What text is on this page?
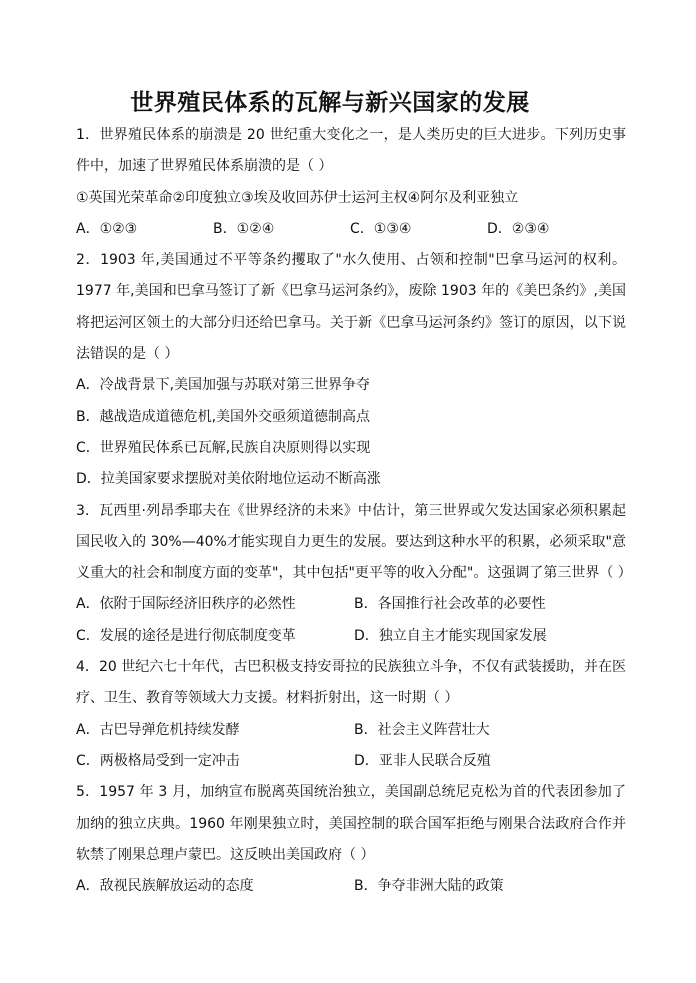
世界殖民体系的瓦解与新兴国家的发展

1．世界殖民体系的崩溃是 20 世纪重大变化之一，是人类历史的巨大进步。下列历史事件中，加速了世界殖民体系崩溃的是（ ）

①英国光荣革命②印度独立③埃及收回苏伊士运河主权④阿尔及利亚独立

A．①②③	B．①②④	C．①③④	D．②③④

2．1903 年,美国通过不平等条约攫取了"水久使用、占领和控制"巴拿马运河的权利。1977 年,美国和巴拿马签订了新《巴拿马运河条约》，废除 1903 年的《美巴条约》,美国将把运河区领土的大部分归还给巴拿马。关于新《巴拿马运河条约》签订的原因，以下说法错误的是（ ）

A．冷战背景下,美国加强与苏联对第三世界争夺

B．越战造成道德危机,美国外交亟须道德制高点

C．世界殖民体系已瓦解,民族自决原则得以实现

D．拉美国家要求摆脱对美依附地位运动不断高涨

3．瓦西里·列昂季耶夫在《世界经济的未来》中估计，第三世界或欠发达国家必须积累起国民收入的 30%—40%才能实现自力更生的发展。要达到这种水平的积累，必须采取"意义重大的社会和制度方面的变革"，其中包括"更平等的收入分配"。这强调了第三世界（ ）

A．依附于国际经济旧秩序的必然性	B．各国推行社会改革的必要性
C．发展的途径是进行彻底制度变革	D．独立自主才能实现国家发展

4．20 世纪六七十年代，古巴积极支持安哥拉的民族独立斗争，不仅有武装援助，并在医疗、卫生、教育等领域大力支援。材料折射出，这一时期（ ）

A．古巴导弹危机持续发酵	B．社会主义阵营壮大
C．两极格局受到一定冲击	D．亚非人民联合反殖

5．1957 年 3 月，加纳宣布脱离英国统治独立，美国副总统尼克松为首的代表团参加了加纳的独立庆典。1960 年刚果独立时，美国控制的联合国军拒绝与刚果合法政府合作并软禁了刚果总理卢蒙巴。这反映出美国政府（ ）

A．敌视民族解放运动的态度	B．争夺非洲大陆的政策
